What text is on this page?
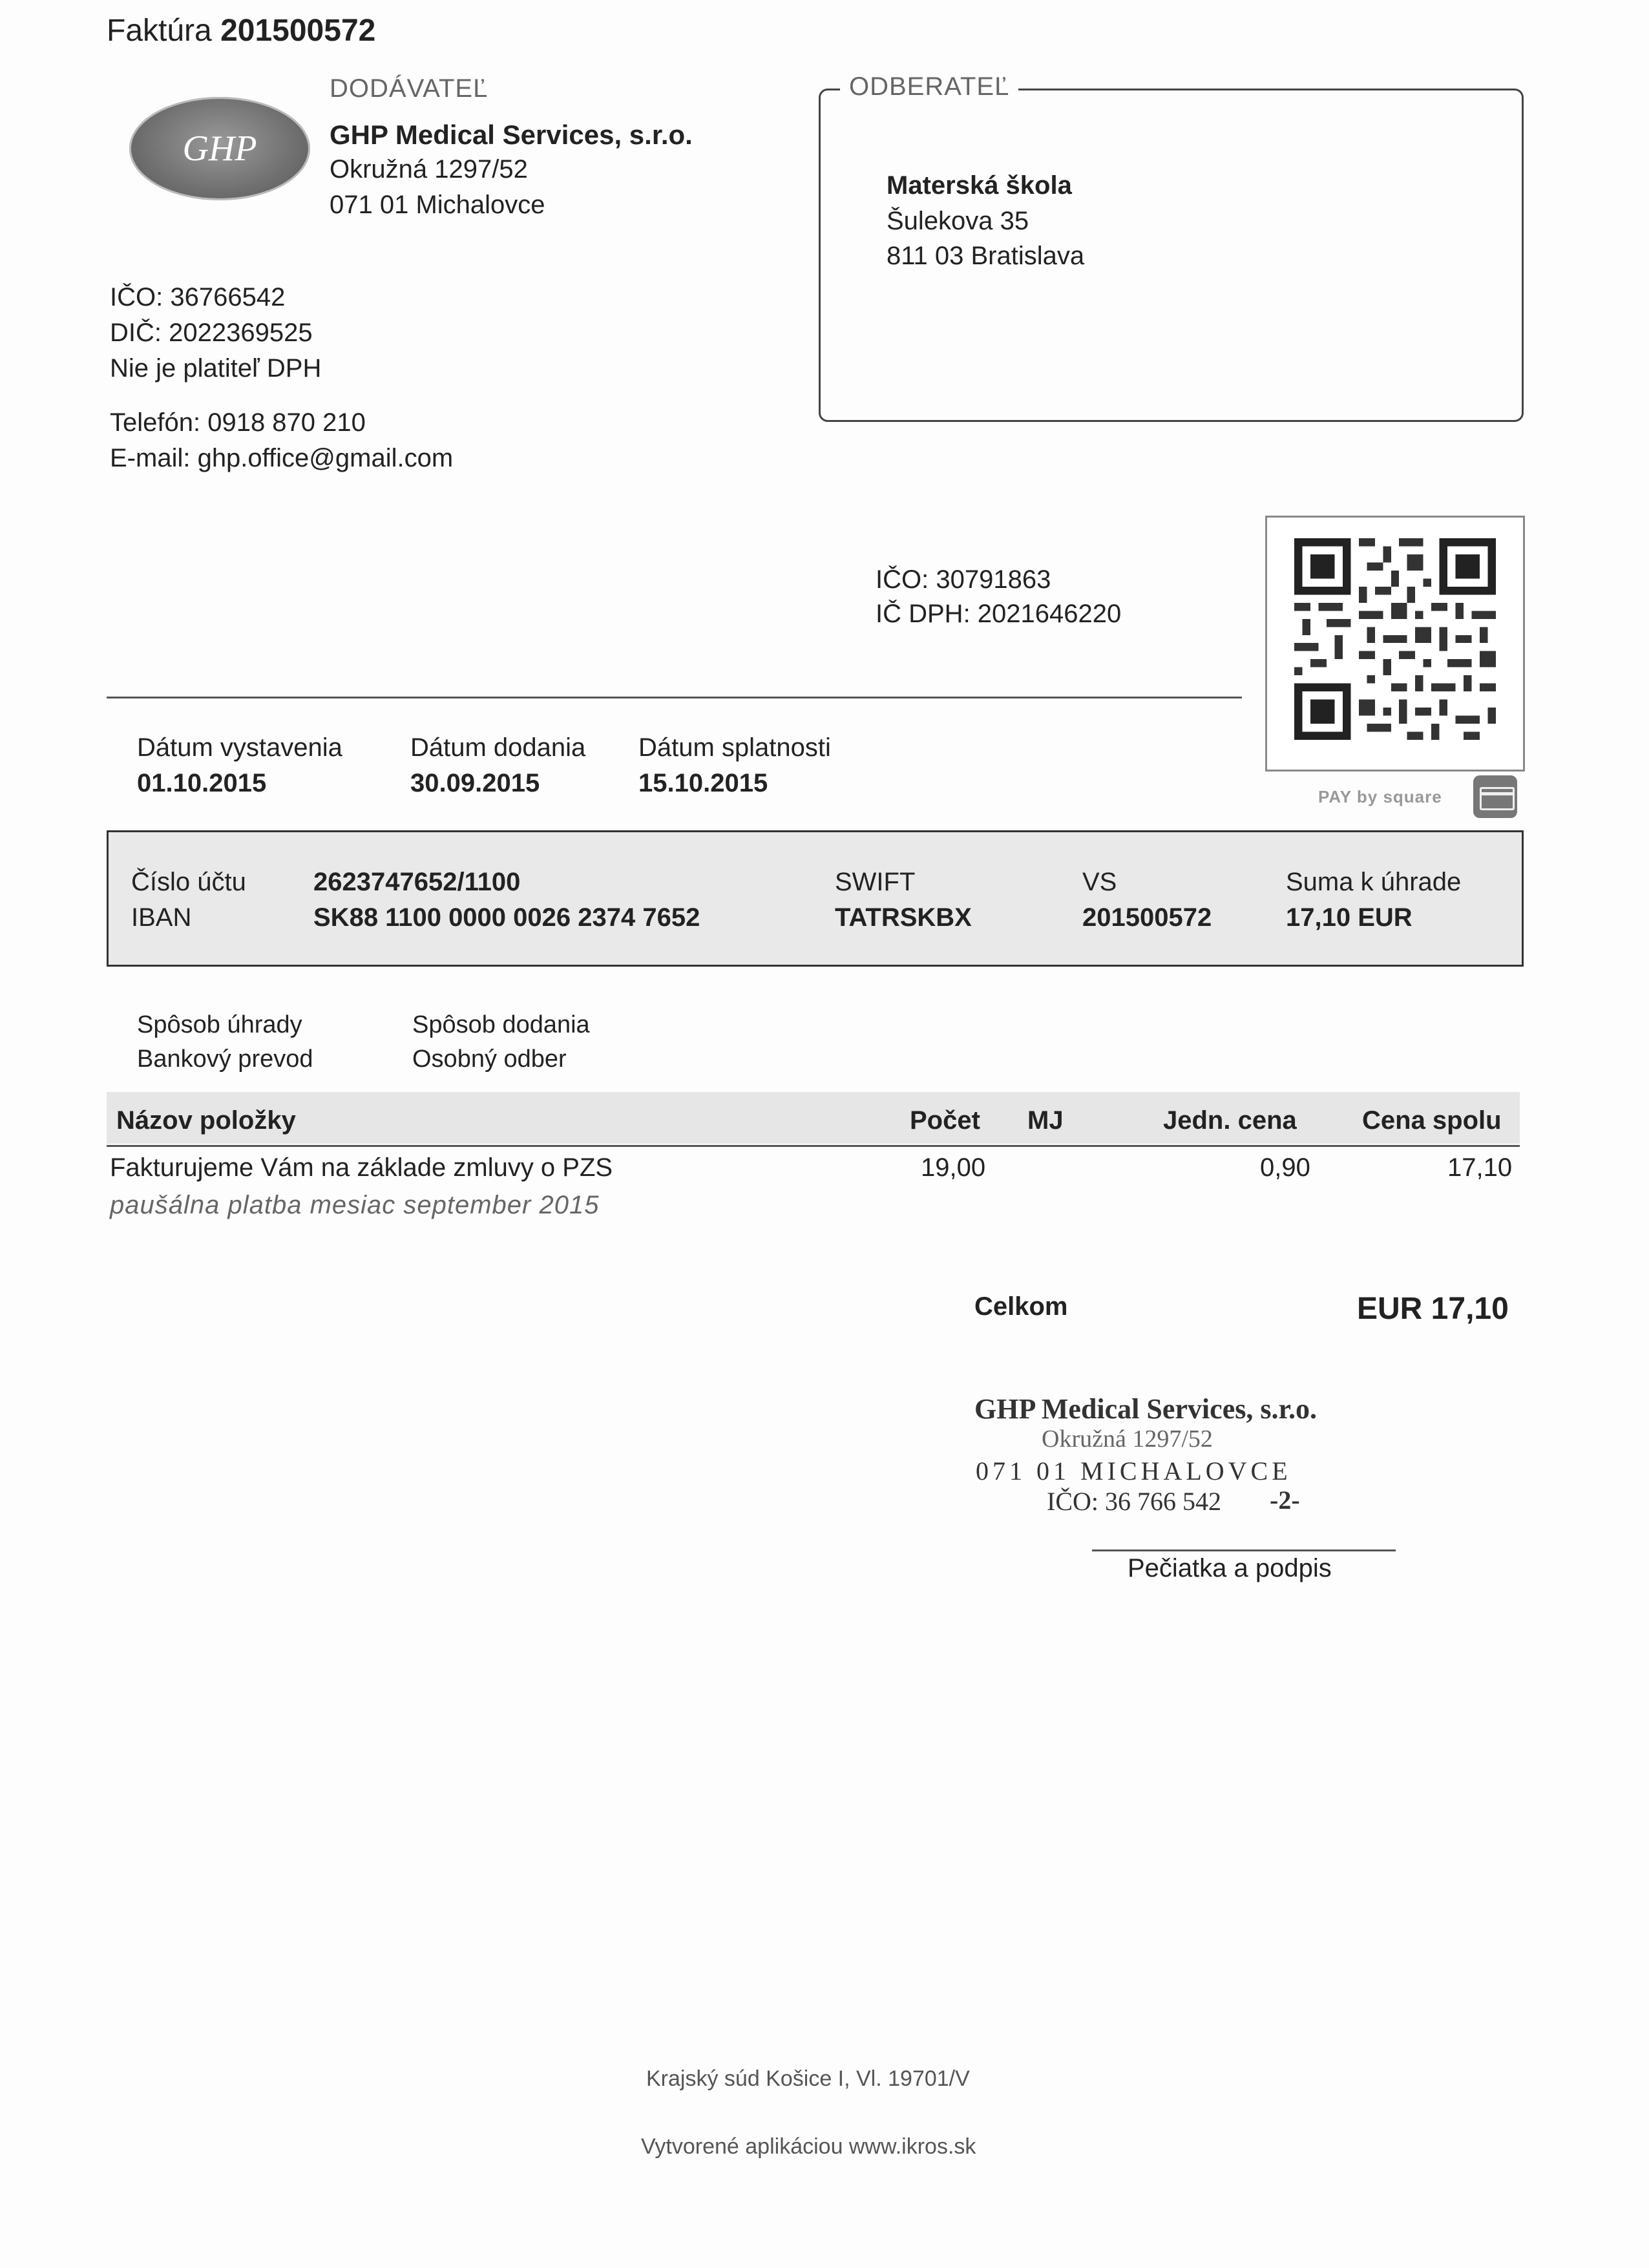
Faktúra 201500572
GHP
DODÁVATEĽ
GHP Medical Services, s.r.o.
Okružná 1297/52
071 01 Michalovce
IČO: 36766542
DIČ: 2022369525
Nie je platiteľ DPH
Telefón: 0918 870 210
E-mail: ghp.office@gmail.com
ODBERATEĽ
Materská škola
Šulekova 35
811 03 Bratislava
IČO: 30791863
IČ DPH: 2021646220
PAY by square
Dátum vystavenia
01.10.2015
Dátum dodania
30.09.2015
Dátum splatnosti
15.10.2015
Číslo účtu	2623747652/1100
IBAN	SK88 1100 0000 0026 2374 7652
SWIFT
TATRSKBX
VS
201500572
Suma k úhrade
17,10 EUR
Spôsob úhrady
Bankový prevod
Spôsob dodania
Osobný odber
Názov položky	Počet MJ	Jedn. cena	Cena spolu
Fakturujeme Vám na základe zmluvy o PZS	19,00	0,90	17,10
paušálna platba mesiac september 2015
Celkom	EUR 17,10
GHP Medical Services, s.r.o.
Okružná 1297/52
071 01 MICHALOVCE
IČO: 36 766 542 -2-
Pečiatka a podpis
Krajský súd Košice I, Vl. 19701/V
Vytvorené aplikáciou www.ikros.sk
